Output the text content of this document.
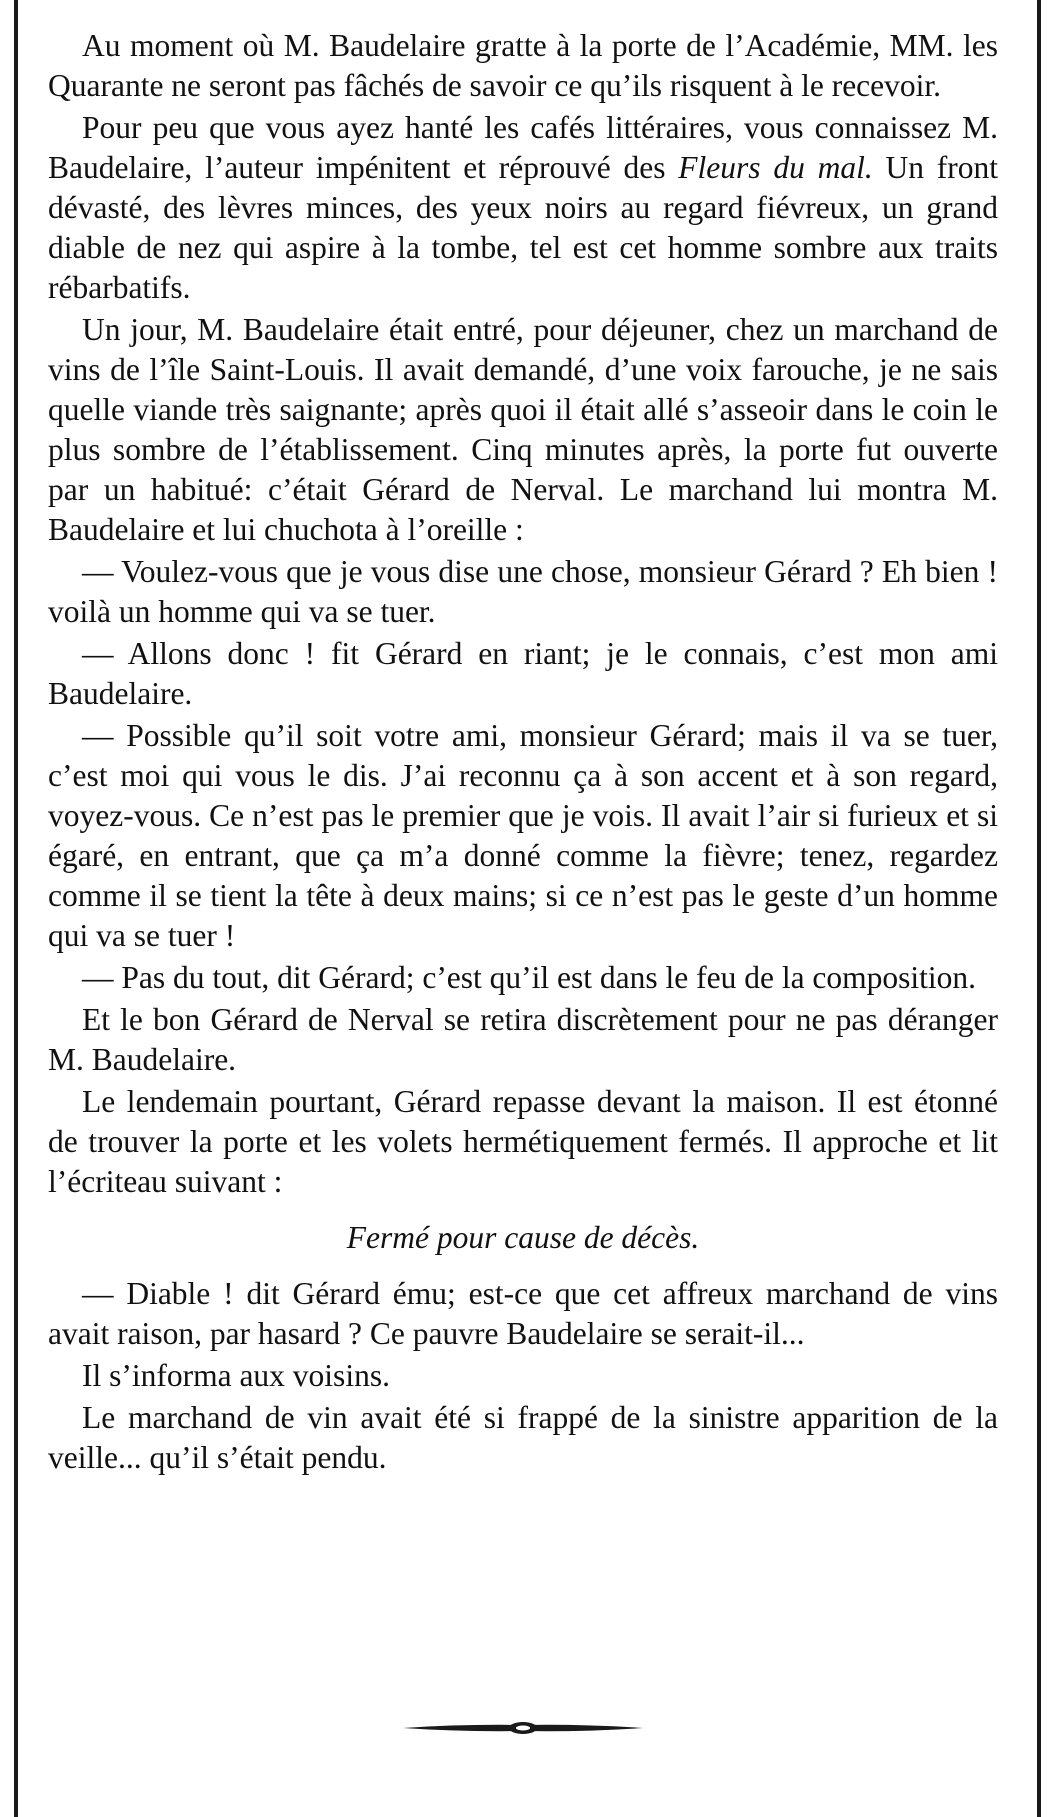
Au moment où M. Baudelaire gratte à la porte de l’Académie, MM. les Quarante ne seront pas fâchés de savoir ce qu’ils risquent à le recevoir.

Pour peu que vous ayez hanté les cafés littéraires, vous connaissez M. Baudelaire, l’auteur impénitent et réprouvé des Fleurs du mal. Un front dévasté, des lèvres minces, des yeux noirs au regard fiévreux, un grand diable de nez qui aspire à la tombe, tel est cet homme sombre aux traits rébarbatifs.

Un jour, M. Baudelaire était entré, pour déjeuner, chez un marchand de vins de l’île Saint-Louis. Il avait demandé, d’une voix farouche, je ne sais quelle viande très saignante; après quoi il était allé s’asseoir dans le coin le plus sombre de l’établissement. Cinq minutes après, la porte fut ouverte par un habitué: c’était Gérard de Nerval. Le marchand lui montra M. Baudelaire et lui chuchota à l’oreille :

— Voulez-vous que je vous dise une chose, monsieur Gérard ? Eh bien ! voilà un homme qui va se tuer.

— Allons donc ! fit Gérard en riant; je le connais, c’est mon ami Baudelaire.

— Possible qu’il soit votre ami, monsieur Gérard; mais il va se tuer, c’est moi qui vous le dis. J’ai reconnu ça à son accent et à son regard, voyez-vous. Ce n’est pas le premier que je vois. Il avait l’air si furieux et si égaré, en entrant, que ça m’a donné comme la fièvre; tenez, regardez comme il se tient la tête à deux mains; si ce n’est pas le geste d’un homme qui va se tuer !

— Pas du tout, dit Gérard; c’est qu’il est dans le feu de la composition.

Et le bon Gérard de Nerval se retira discrètement pour ne pas déranger M. Baudelaire.

Le lendemain pourtant, Gérard repasse devant la maison. Il est étonné de trouver la porte et les volets hermétiquement fermés. Il approche et lit l’écriteau suivant :

Fermé pour cause de décès.

— Diable ! dit Gérard ému; est-ce que cet affreux marchand de vins avait raison, par hasard ? Ce pauvre Baudelaire se serait-il...

Il s’informa aux voisins.

Le marchand de vin avait été si frappé de la sinistre apparition de la veille... qu’il s’était pendu.
